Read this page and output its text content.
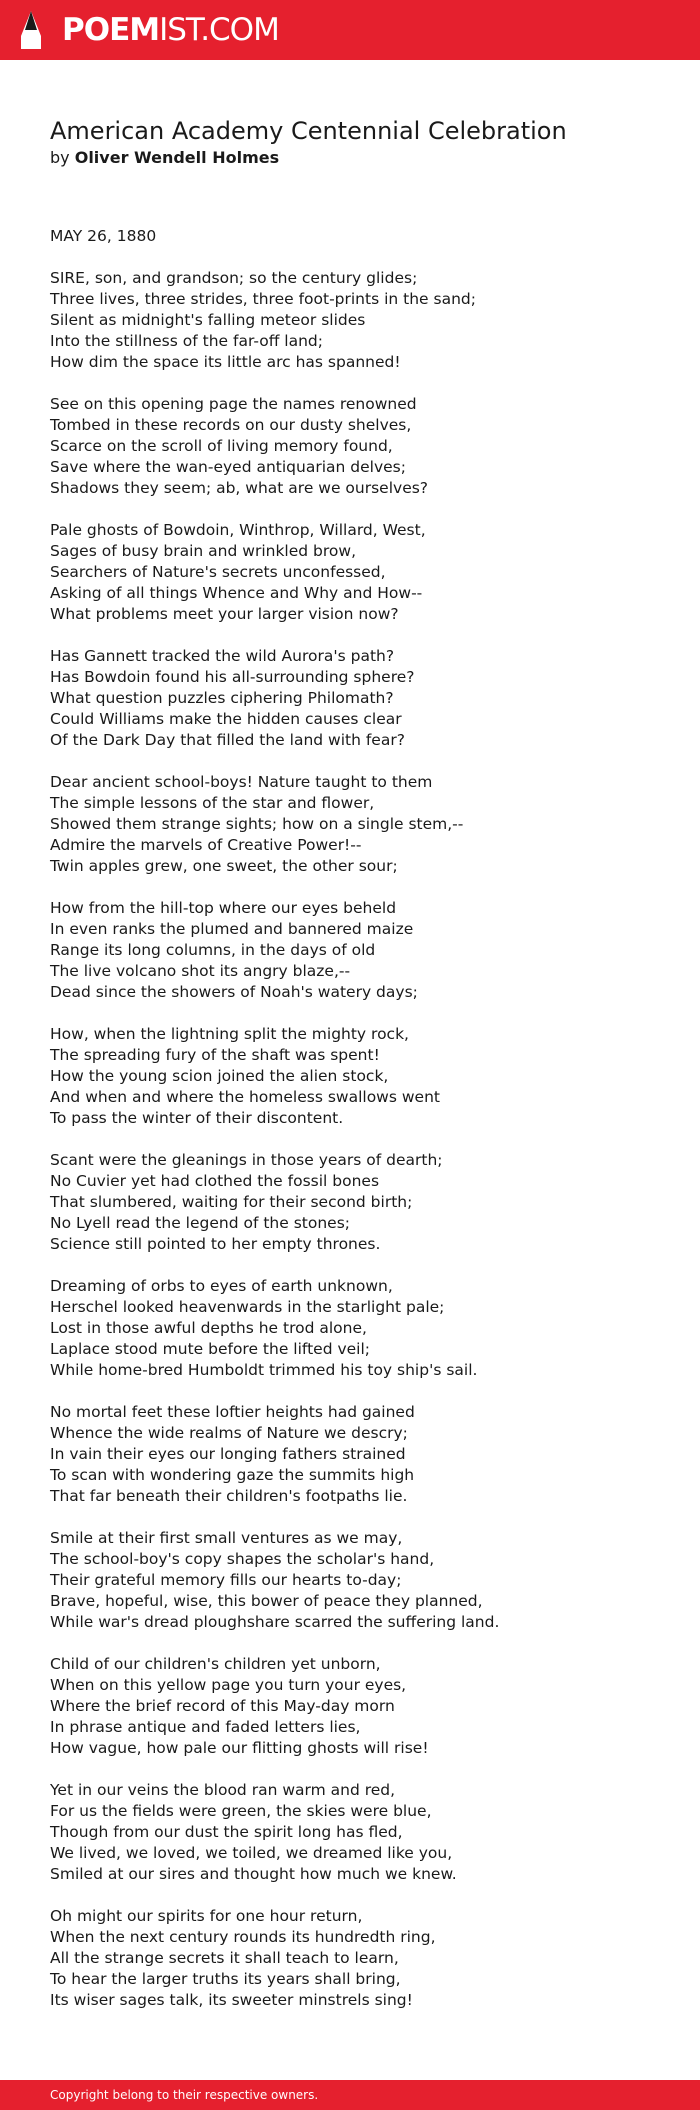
POEMIST.COM
American Academy Centennial Celebration

by Oliver Wendell Holmes

MAY 26, 1880
SIRE, son, and grandson; so the century glides;
Three lives, three strides, three foot-prints in the sand;
Silent as midnight's falling meteor slides
Into the stillness of the far-off land;
How dim the space its little arc has spanned!
See on this opening page the names renowned
Tombed in these records on our dusty shelves,
Scarce on the scroll of living memory found,
Save where the wan-eyed antiquarian delves;
Shadows they seem; ab, what are we ourselves?
Pale ghosts of Bowdoin, Winthrop, Willard, West,
Sages of busy brain and wrinkled brow,
Searchers of Nature's secrets unconfessed,
Asking of all things Whence and Why and How--
What problems meet your larger vision now?
Has Gannett tracked the wild Aurora's path?
Has Bowdoin found his all-surrounding sphere?
What question puzzles ciphering Philomath?
Could Williams make the hidden causes clear
Of the Dark Day that filled the land with fear?
Dear ancient school-boys! Nature taught to them
The simple lessons of the star and flower,
Showed them strange sights; how on a single stem,--
Admire the marvels of Creative Power!--
Twin apples grew, one sweet, the other sour;
How from the hill-top where our eyes beheld
In even ranks the plumed and bannered maize
Range its long columns, in the days of old
The live volcano shot its angry blaze,--
Dead since the showers of Noah's watery days;
How, when the lightning split the mighty rock,
The spreading fury of the shaft was spent!
How the young scion joined the alien stock,
And when and where the homeless swallows went
To pass the winter of their discontent.
Scant were the gleanings in those years of dearth;
No Cuvier yet had clothed the fossil bones
That slumbered, waiting for their second birth;
No Lyell read the legend of the stones;
Science still pointed to her empty thrones.
Dreaming of orbs to eyes of earth unknown,
Herschel looked heavenwards in the starlight pale;
Lost in those awful depths he trod alone,
Laplace stood mute before the lifted veil;
While home-bred Humboldt trimmed his toy ship's sail.
No mortal feet these loftier heights had gained
Whence the wide realms of Nature we descry;
In vain their eyes our longing fathers strained
To scan with wondering gaze the summits high
That far beneath their children's footpaths lie.
Smile at their first small ventures as we may,
The school-boy's copy shapes the scholar's hand,
Their grateful memory fills our hearts to-day;
Brave, hopeful, wise, this bower of peace they planned,
While war's dread ploughshare scarred the suffering land.
Child of our children's children yet unborn,
When on this yellow page you turn your eyes,
Where the brief record of this May-day morn
In phrase antique and faded letters lies,
How vague, how pale our flitting ghosts will rise!
Yet in our veins the blood ran warm and red,
For us the fields were green, the skies were blue,
Though from our dust the spirit long has fled,
We lived, we loved, we toiled, we dreamed like you,
Smiled at our sires and thought how much we knew.
Oh might our spirits for one hour return,
When the next century rounds its hundredth ring,
All the strange secrets it shall teach to learn,
To hear the larger truths its years shall bring,
Its wiser sages talk, its sweeter minstrels sing!
Copyright belong to their respective owners.
